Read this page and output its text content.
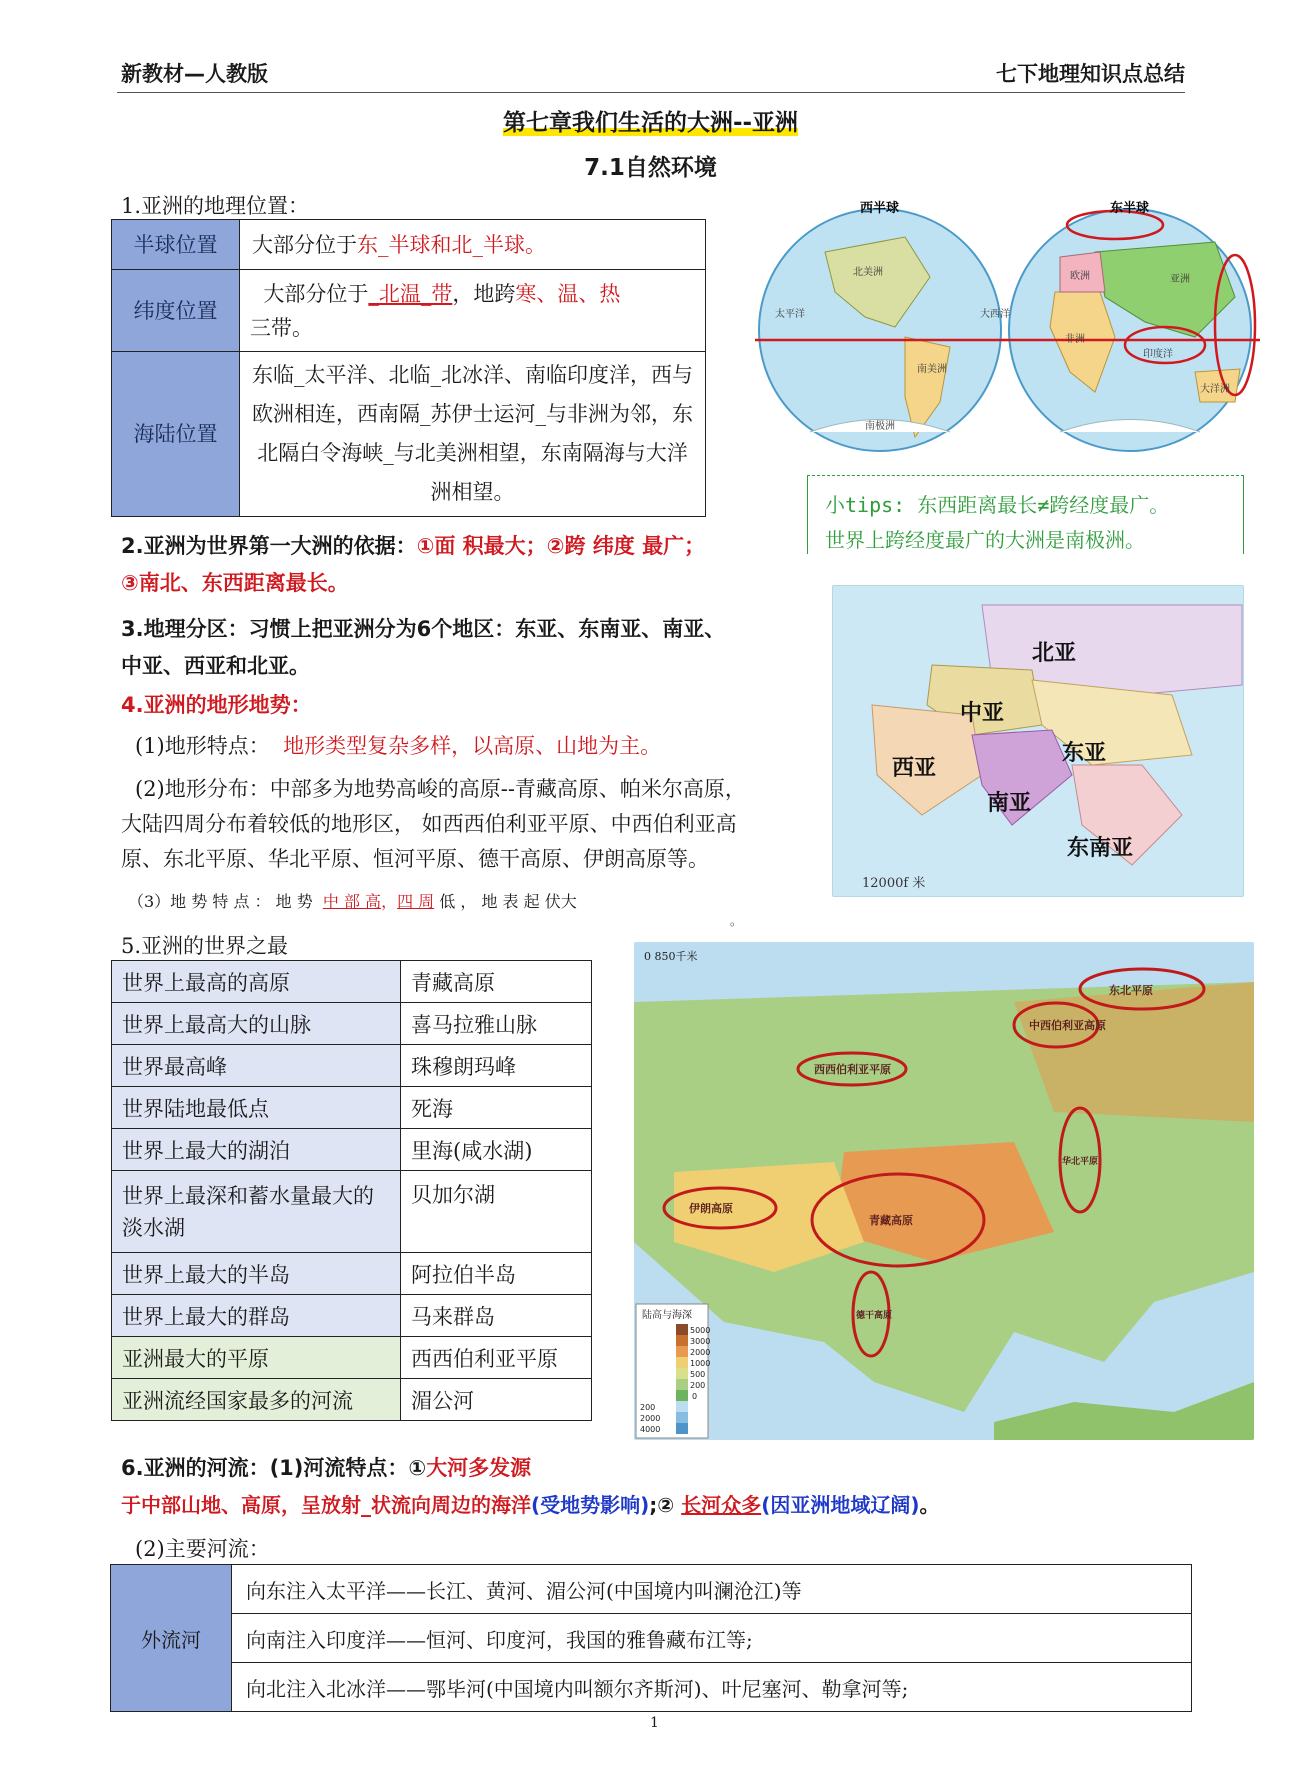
新教材—人教版	七下地理知识点总结
第七章我们生活的大洲--亚洲
7.1自然环境
1.亚洲的地理位置：
半球位置	大部分位于东_半球和北_半球。
纬度位置	大部分位于_北温_带，地跨寒、温、热
三带。
海陆位置	东临_太平洋、北临_北冰洋、南临印度洋，西与欧洲相连，西南隔_苏伊士运河_与非洲为邻，东北隔白令海峡_与北美洲相望，东南隔海与大洋洲相望。
西半球	东半球
北美洲
南美洲
太平洋	大西洋
南极洲
非洲
亚洲
欧洲
印度洋
大洋洲
小tips: 东西距离最长≠跨经度最广。
世界上跨经度最广的大洲是南极洲。
2.亚洲为世界第一大洲的依据：①面 积最大；②跨 纬度 最广；
③南北、东西距离最长。
3.地理分区：习惯上把亚洲分为6个地区：东亚、东南亚、南亚、
中亚、西亚和北亚。	北亚
中亚
东亚
西亚
南亚
东南亚
12000f 米
4.亚洲的地形地势：
(1)地形特点： 地形类型复杂多样，以高原、山地为主。
(2)地形分布：中部多为地势高峻的高原--青藏高原、帕米尔高原，
大陆四周分布着较低的地形区， 如西西伯利亚平原、中西伯利亚高
原、东北平原、华北平原、恒河平原、德干高原、伊朗高原等。
（3）地 势 特 点 ： 地 势 中 部 高，四 周 低 ， 地 表 起 伏大
。
5.亚洲的世界之最
世界上最高的高原	青藏高原
世界上最高大的山脉	喜马拉雅山脉
世界最高峰	珠穆朗玛峰
世界陆地最低点	死海
世界上最大的湖泊	里海(咸水湖)
世界上最深和蓄水量最大的淡水湖	贝加尔湖
世界上最大的半岛	阿拉伯半岛
世界上最大的群岛	马来群岛
亚洲最大的平原	西西伯利亚平原
亚洲流经国家最多的河流	湄公河
中西伯利亚高原
东北平原
西西伯利亚平原
伊朗高原
青藏高原
德干高原
华北平原
0 850千米
陆高与海深
5000
3000
2000
1000
500
200
0
200
2000
4000
6.亚洲的河流：(1)河流特点：①大河多发源
于中部山地、高原，呈放射_状流向周边的海洋(受地势影响);② 长河众多(因亚洲地域辽阔)。
(2)主要河流：
外流河	向东注入太平洋——长江、黄河、湄公河(中国境内叫澜沧江)等
向南注入印度洋——恒河、印度河，我国的雅鲁藏布江等;
向北注入北冰洋——鄂毕河(中国境内叫额尔齐斯河)、叶尼塞河、勒拿河等;
1
